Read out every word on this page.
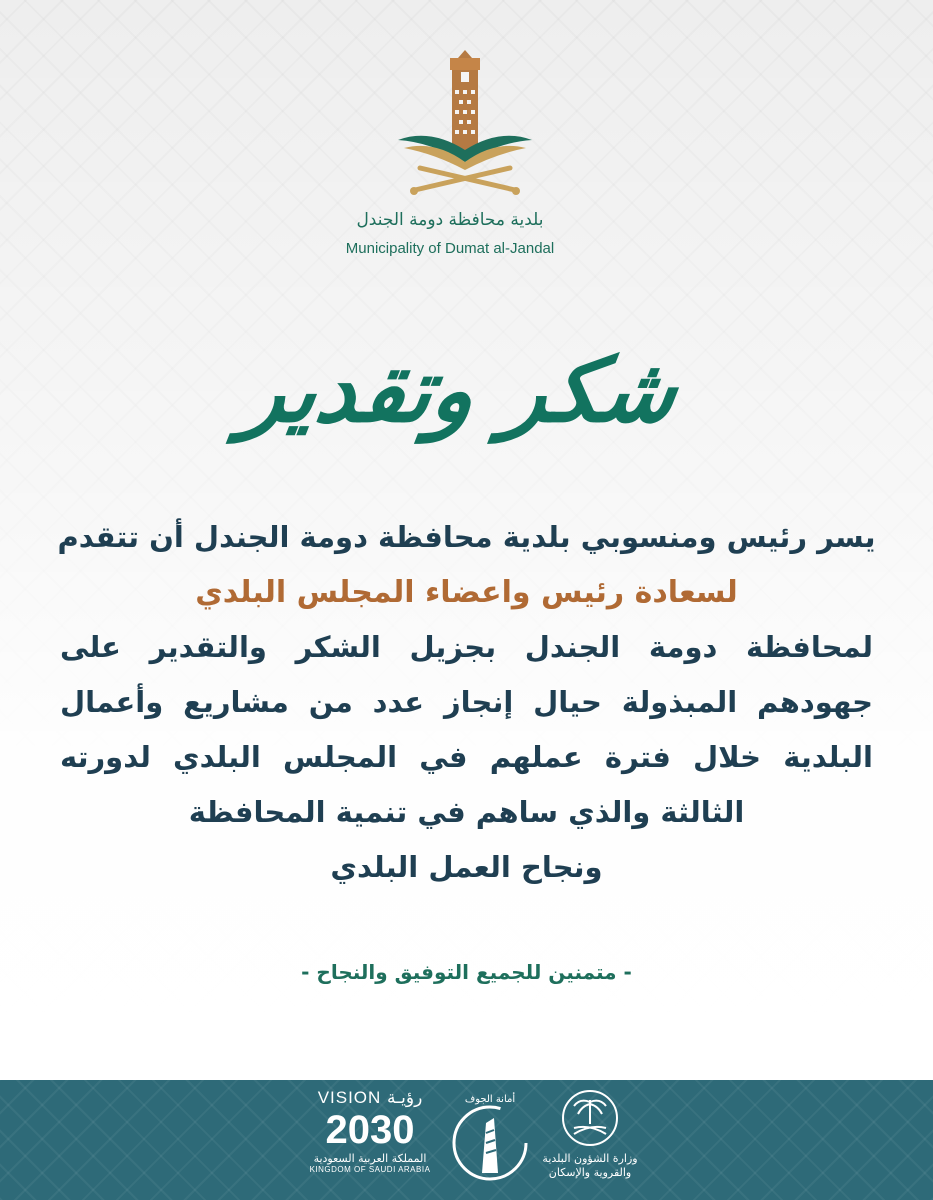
بلدية محافظة دومة الجندل
Municipality of Dumat al-Jandal
شكر وتقدير
يسر رئيس ومنسوبي بلدية محافظة دومة الجندل أن تتقدم
لسعادة رئيس واعضاء المجلس البلدي
لمحافظة دومة الجندل بجزيل الشكر والتقدير على
جهودهم المبذولة حيال إنجاز عدد من مشاريع وأعمال
البلدية خلال فترة عملهم في المجلس البلدي لدورته
الثالثة والذي ساهم في تنمية المحافظة
ونجاح العمل البلدي
- متمنين للجميع التوفيق والنجاح -
VISION رؤيـة
2030
المملكة العربية السعودية
KINGDOM OF SAUDI ARABIA
أمانة الجوف
وزارة الشؤون البلدية
والقروية والإسكان
